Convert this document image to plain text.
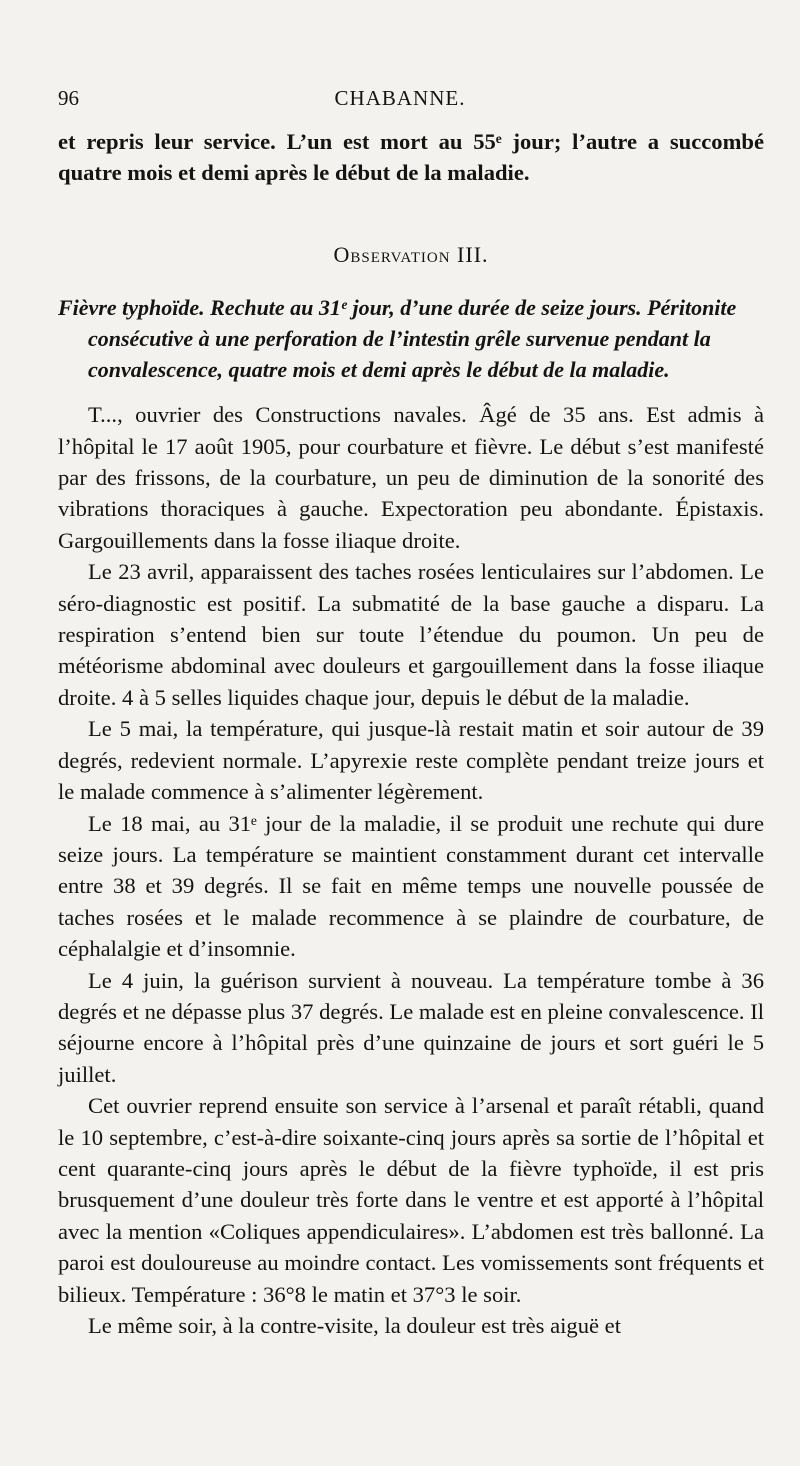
96	CHABANNE.

et repris leur service. L’un est mort au 55ᵉ jour; l’autre a succombé quatre mois et demi après le début de la maladie.

Observation III.
Fièvre typhoïde. Rechute au 31ᵉ jour, d’une durée de seize jours. Péritonite
consécutive à une perforation de l’intestin grêle survenue pendant la
convalescence, quatre mois et demi après le début de la maladie.

T..., ouvrier des Constructions navales. Âgé de 35 ans. Est admis à l’hôpital le 17 août 1905, pour courbature et fièvre. Le début s’est manifesté par des frissons, de la courbature, un peu de diminution de la sonorité des vibrations thoraciques à gauche. Expectoration peu abondante. Épistaxis. Gargouillements dans la fosse iliaque droite.

Le 23 avril, apparaissent des taches rosées lenticulaires sur l’abdomen. Le séro-diagnostic est positif. La submatité de la base gauche a disparu. La respiration s’entend bien sur toute l’étendue du poumon. Un peu de météorisme abdominal avec douleurs et gargouillement dans la fosse iliaque droite. 4 à 5 selles liquides chaque jour, depuis le début de la maladie.

Le 5 mai, la température, qui jusque-là restait matin et soir autour de 39 degrés, redevient normale. L’apyrexie reste complète pendant treize jours et le malade commence à s’alimenter légèrement.

Le 18 mai, au 31ᵉ jour de la maladie, il se produit une rechute qui dure seize jours. La température se maintient constamment durant cet intervalle entre 38 et 39 degrés. Il se fait en même temps une nouvelle poussée de taches rosées et le malade recommence à se plaindre de courbature, de céphalalgie et d’insomnie.

Le 4 juin, la guérison survient à nouveau. La température tombe à 36 degrés et ne dépasse plus 37 degrés. Le malade est en pleine convalescence. Il séjourne encore à l’hôpital près d’une quinzaine de jours et sort guéri le 5 juillet.

Cet ouvrier reprend ensuite son service à l’arsenal et paraît rétabli, quand le 10 septembre, c’est-à-dire soixante-cinq jours après sa sortie de l’hôpital et cent quarante-cinq jours après le début de la fièvre typhoïde, il est pris brusquement d’une douleur très forte dans le ventre et est apporté à l’hôpital avec la mention «Coliques appendiculaires». L’abdomen est très ballonné. La paroi est douloureuse au moindre contact. Les vomissements sont fréquents et bilieux. Température : 36°8 le matin et 37°3 le soir.

Le même soir, à la contre-visite, la douleur est très aiguë et
